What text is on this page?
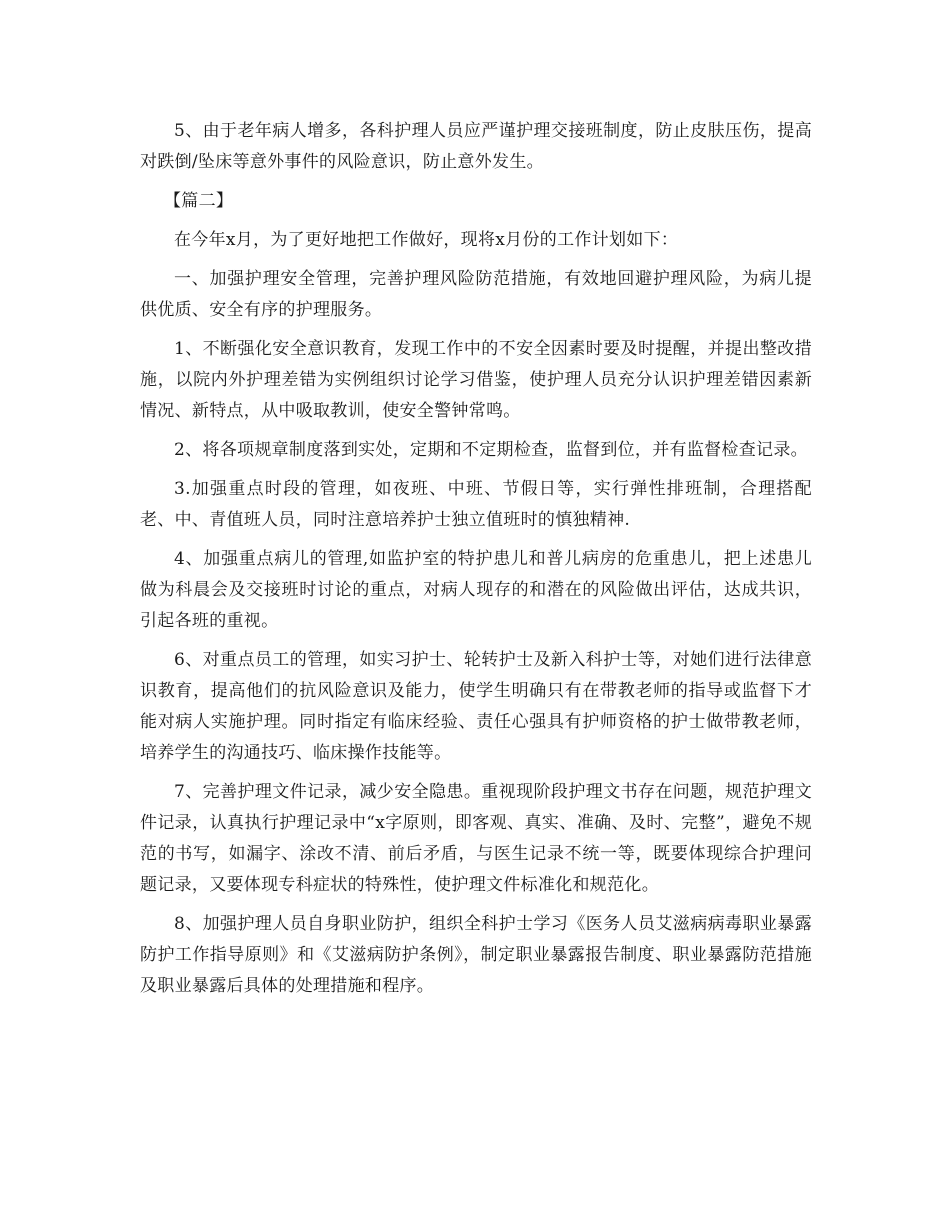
5、由于老年病人增多，各科护理人员应严谨护理交接班制度，防止皮肤压伤，提高对跌倒/坠床等意外事件的风险意识，防止意外发生。

【篇二】

在今年x月，为了更好地把工作做好，现将x月份的工作计划如下：

一、加强护理安全管理，完善护理风险防范措施，有效地回避护理风险，为病儿提供优质、安全有序的护理服务。

1、不断强化安全意识教育，发现工作中的不安全因素时要及时提醒，并提出整改措施，以院内外护理差错为实例组织讨论学习借鉴，使护理人员充分认识护理差错因素新情况、新特点，从中吸取教训，使安全警钟常鸣。

2、将各项规章制度落到实处，定期和不定期检查，监督到位，并有监督检查记录。

3.加强重点时段的管理，如夜班、中班、节假日等，实行弹性排班制，合理搭配老、中、青值班人员，同时注意培养护士独立值班时的慎独精神.

4、加强重点病儿的管理,如监护室的特护患儿和普儿病房的危重患儿，把上述患儿做为科晨会及交接班时讨论的重点，对病人现存的和潜在的风险做出评估，达成共识，引起各班的重视。

6、对重点员工的管理，如实习护士、轮转护士及新入科护士等，对她们进行法律意识教育，提高他们的抗风险意识及能力，使学生明确只有在带教老师的指导或监督下才能对病人实施护理。同时指定有临床经验、责任心强具有护师资格的护士做带教老师，培养学生的沟通技巧、临床操作技能等。

7、完善护理文件记录，减少安全隐患。重视现阶段护理文书存在问题，规范护理文件记录，认真执行护理记录中“x字原则，即客观、真实、准确、及时、完整”，避免不规范的书写，如漏字、涂改不清、前后矛盾，与医生记录不统一等，既要体现综合护理问题记录，又要体现专科症状的特殊性，使护理文件标准化和规范化。

8、加强护理人员自身职业防护，组织全科护士学习《医务人员艾滋病病毒职业暴露防护工作指导原则》和《艾滋病防护条例》，制定职业暴露报告制度、职业暴露防范措施及职业暴露后具体的处理措施和程序。
